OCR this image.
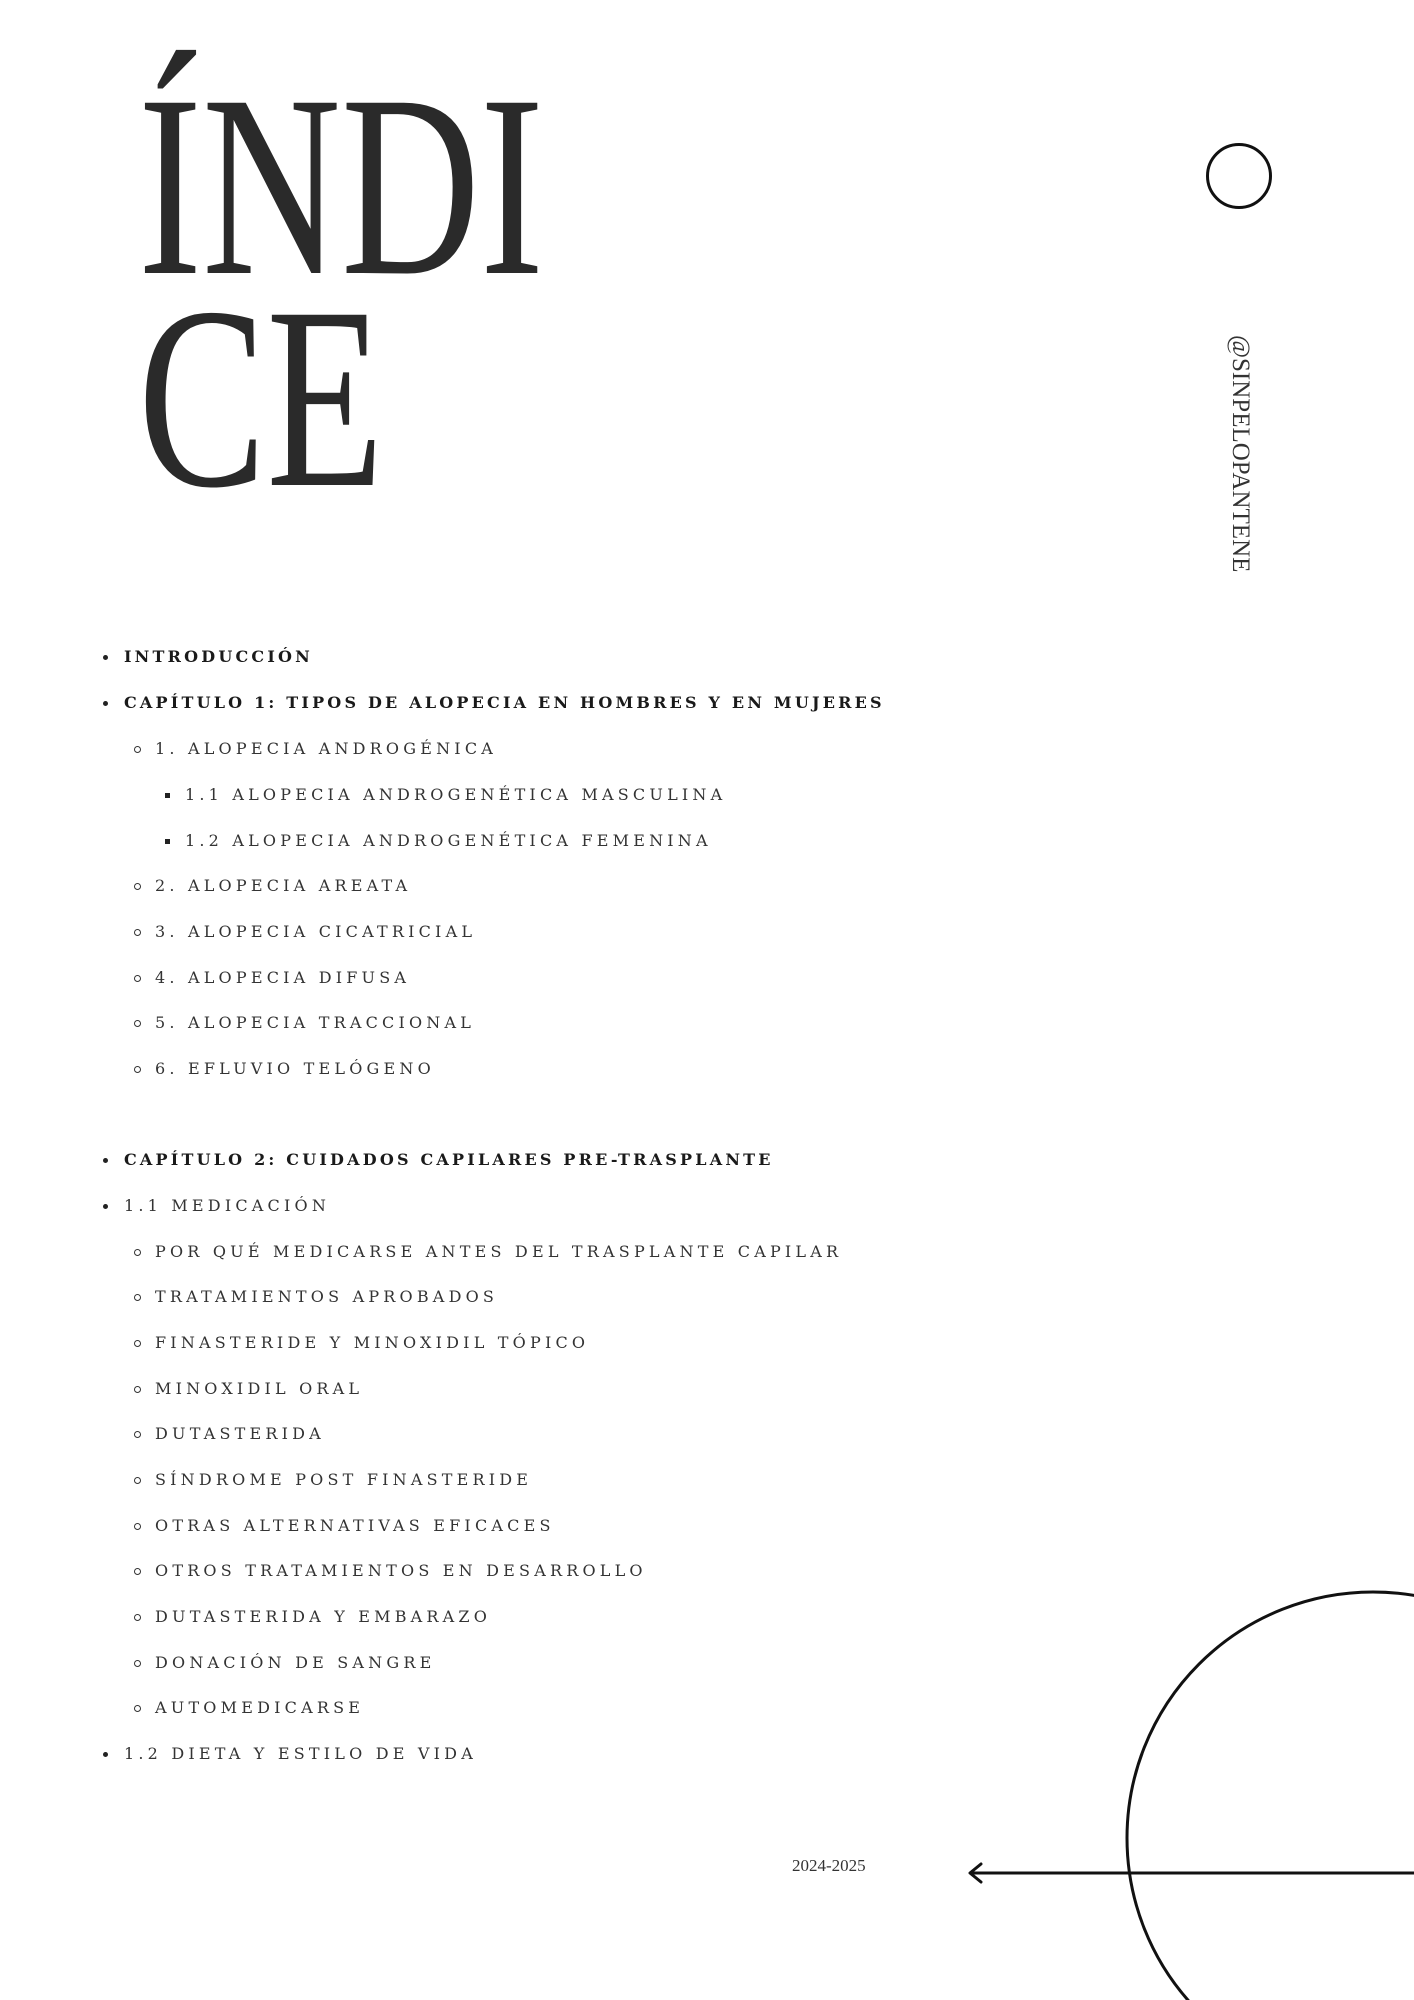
ÍNDI
CE	@SINPELOPANTENE
INTRODUCCIÓN
CAPÍTULO 1: TIPOS DE ALOPECIA EN HOMBRES Y EN MUJERES
1. ALOPECIA ANDROGÉNICA
1.1 ALOPECIA ANDROGENÉTICA MASCULINA
1.2 ALOPECIA ANDROGENÉTICA FEMENINA
2. ALOPECIA AREATA
3. ALOPECIA CICATRICIAL
4. ALOPECIA DIFUSA
5. ALOPECIA TRACCIONAL
6. EFLUVIO TELÓGENO
CAPÍTULO 2: CUIDADOS CAPILARES PRE-TRASPLANTE
1.1 MEDICACIÓN
POR QUÉ MEDICARSE ANTES DEL TRASPLANTE CAPILAR
TRATAMIENTOS APROBADOS
FINASTERIDE Y MINOXIDIL TÓPICO
MINOXIDIL ORAL
DUTASTERIDA
SÍNDROME POST FINASTERIDE
OTRAS ALTERNATIVAS EFICACES
OTROS TRATAMIENTOS EN DESARROLLO
DUTASTERIDA Y EMBARAZO
DONACIÓN DE SANGRE
AUTOMEDICARSE
1.2 DIETA Y ESTILO DE VIDA
2024-2025
